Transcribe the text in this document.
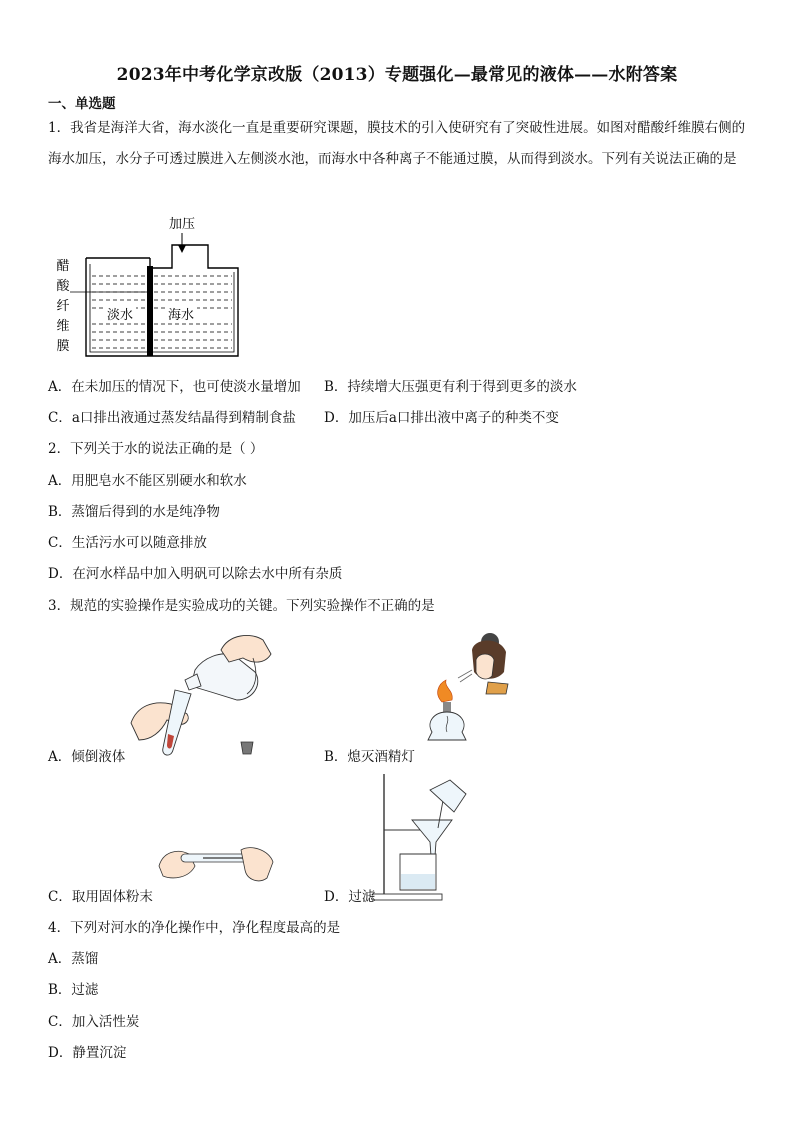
2023年中考化学京改版（2013）专题强化—最常见的液体——水附答案
一、单选题
1．我省是海洋大省，海水淡化一直是重要研究课题，膜技术的引入使研究有了突破性进展。如图对醋酸纤维膜右侧的海水加压，水分子可透过膜进入左侧淡水池，而海水中各种离子不能通过膜，从而得到淡水。下列有关说法正确的是
加压
醋
酸
纤
维
膜
淡水	海水
A．在未加压的情况下，也可使淡水量增加 B．持续增大压强更有利于得到更多的淡水
C．a口排出液通过蒸发结晶得到精制食盐 D．加压后a口排出液中离子的种类不变
2．下列关于水的说法正确的是（ ）
A．用肥皂水不能区别硬水和软水
B．蒸馏后得到的水是纯净物
C．生活污水可以随意排放
D．在河水样品中加入明矾可以除去水中所有杂质
3．规范的实验操作是实验成功的关键。下列实验操作不正确的是
A．倾倒液体	B．熄灭酒精灯
C．取用固体粉末	D．过滤
4．下列对河水的净化操作中，净化程度最高的是
A．蒸馏
B．过滤
C．加入活性炭
D．静置沉淀
